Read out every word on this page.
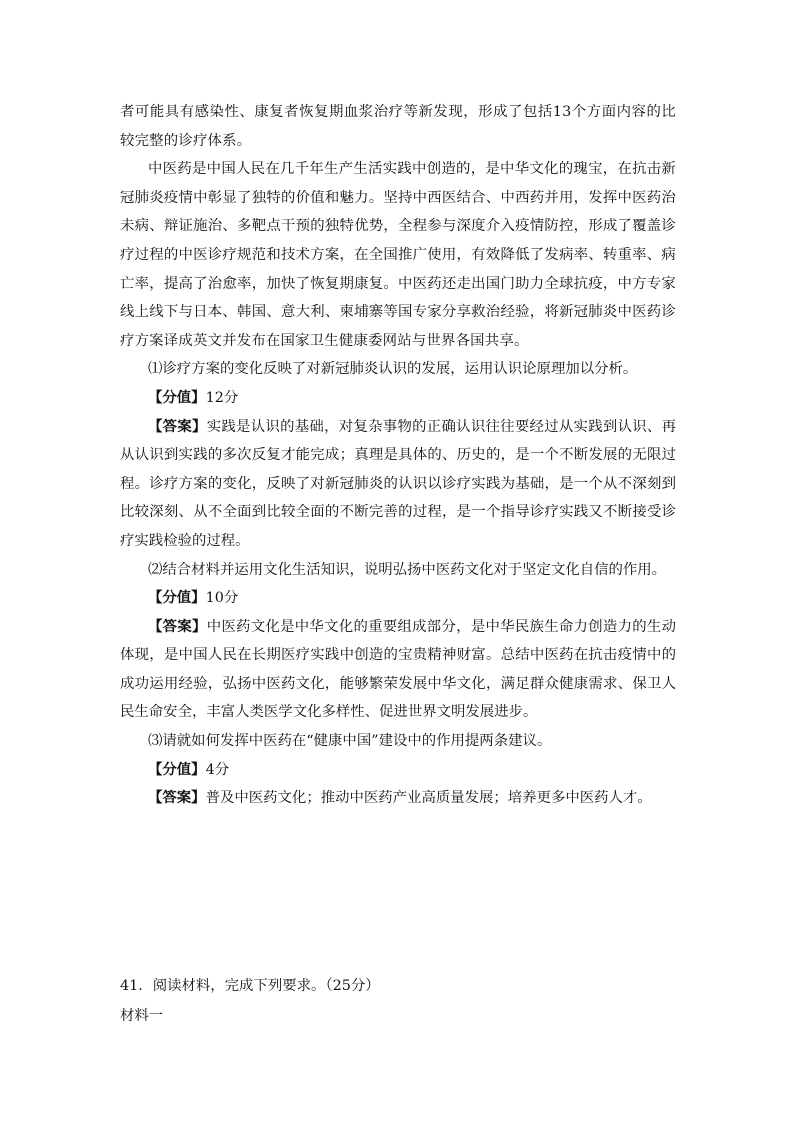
者可能具有感染性、康复者恢复期血浆治疗等新发现，形成了包括13个方面内容的比较完整的诊疗体系。

中医药是中国人民在几千年生产生活实践中创造的，是中华文化的瑰宝，在抗击新冠肺炎疫情中彰显了独特的价值和魅力。坚持中西医结合、中西药并用，发挥中医药治未病、辩证施治、多靶点干预的独特优势，全程参与深度介入疫情防控，形成了覆盖诊疗过程的中医诊疗规范和技术方案，在全国推广使用，有效降低了发病率、转重率、病亡率，提高了治愈率，加快了恢复期康复。中医药还走出国门助力全球抗疫，中方专家线上线下与日本、韩国、意大利、柬埔寨等国专家分享救治经验，将新冠肺炎中医药诊疗方案译成英文并发布在国家卫生健康委网站与世界各国共享。

⑴诊疗方案的变化反映了对新冠肺炎认识的发展，运用认识论原理加以分析。

【分值】12分

【答案】实践是认识的基础，对复杂事物的正确认识往往要经过从实践到认识、再从认识到实践的多次反复才能完成；真理是具体的、历史的，是一个不断发展的无限过程。诊疗方案的变化，反映了对新冠肺炎的认识以诊疗实践为基础，是一个从不深刻到比较深刻、从不全面到比较全面的不断完善的过程，是一个指导诊疗实践又不断接受诊疗实践检验的过程。

⑵结合材料并运用文化生活知识，说明弘扬中医药文化对于坚定文化自信的作用。

【分值】10分

【答案】中医药文化是中华文化的重要组成部分，是中华民族生命力创造力的生动体现，是中国人民在长期医疗实践中创造的宝贵精神财富。总结中医药在抗击疫情中的成功运用经验，弘扬中医药文化，能够繁荣发展中华文化，满足群众健康需求、保卫人民生命安全，丰富人类医学文化多样性、促进世界文明发展进步。

⑶请就如何发挥中医药在“健康中国”建设中的作用提两条建议。

【分值】4分

【答案】普及中医药文化；推动中医药产业高质量发展；培养更多中医药人才。

41．阅读材料，完成下列要求。（25分）

材料一
